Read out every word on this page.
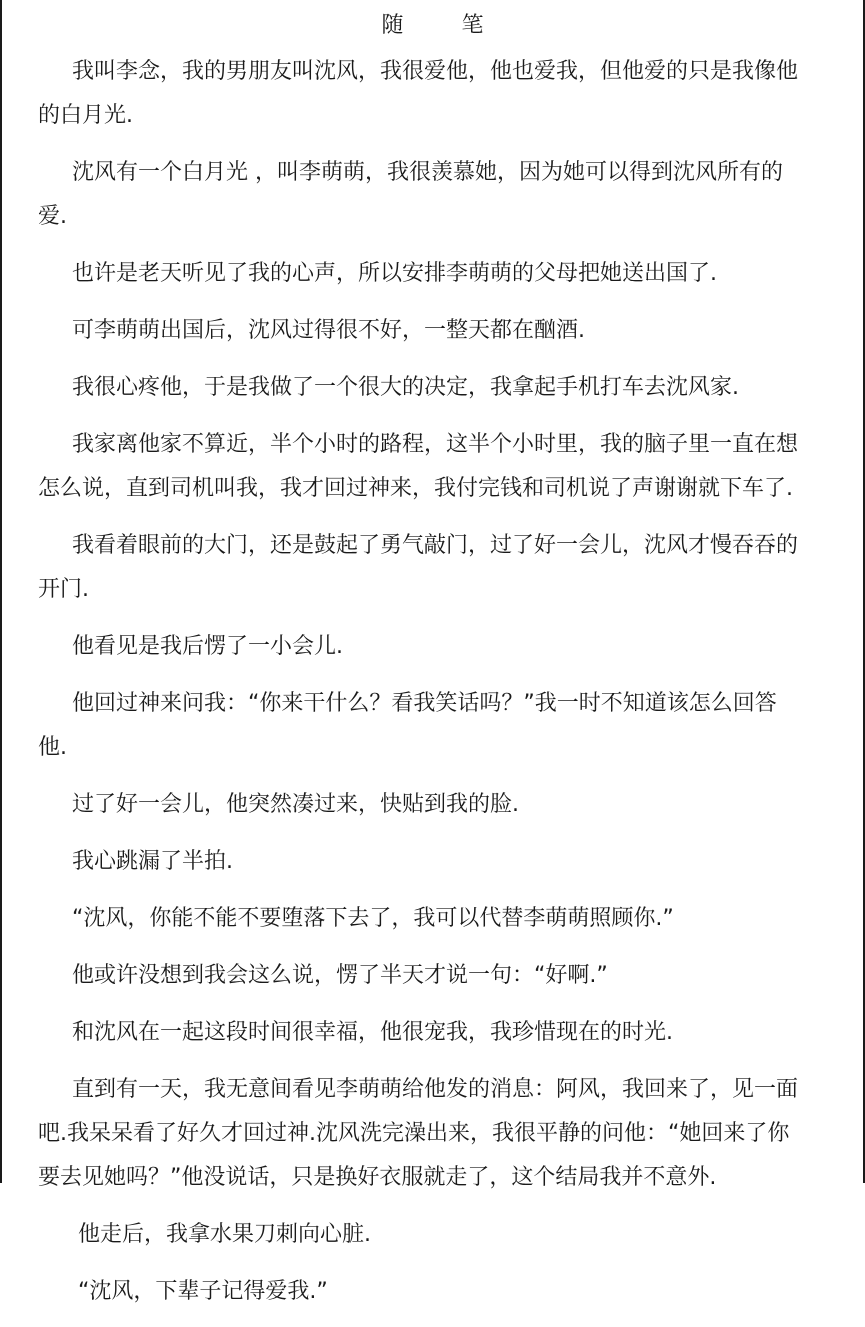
随　笔
我叫李念，我的男朋友叫沈风，我很爱他，他也爱我，但他爱的只是我像他
的白月光.
沈风有一个白月光 ，叫李萌萌，我很羡慕她，因为她可以得到沈风所有的
爱.
也许是老天听见了我的心声，所以安排李萌萌的父母把她送出国了.
可李萌萌出国后，沈风过得很不好，一整天都在酗酒.
我很心疼他，于是我做了一个很大的决定，我拿起手机打车去沈风家.
我家离他家不算近，半个小时的路程，这半个小时里，我的脑子里一直在想
怎么说，直到司机叫我，我才回过神来，我付完钱和司机说了声谢谢就下车了.
我看着眼前的大门，还是鼓起了勇气敲门，过了好一会儿，沈风才慢吞吞的
开门.
他看见是我后愣了一小会儿.
他回过神来问我：“你来干什么？看我笑话吗？”我一时不知道该怎么回答
他.
过了好一会儿，他突然凑过来，快贴到我的脸.
我心跳漏了半拍.
“沈风，你能不能不要堕落下去了，我可以代替李萌萌照顾你.”
他或许没想到我会这么说，愣了半天才说一句：“好啊.”
和沈风在一起这段时间很幸福，他很宠我，我珍惜现在的时光.
直到有一天，我无意间看见李萌萌给他发的消息：阿风，我回来了，见一面
吧.我呆呆看了好久才回过神.沈风洗完澡出来，我很平静的问他：“她回来了你
要去见她吗？”他没说话，只是换好衣服就走了，这个结局我并不意外.
他走后，我拿水果刀刺向心脏.
“沈风，下辈子记得爱我.”
